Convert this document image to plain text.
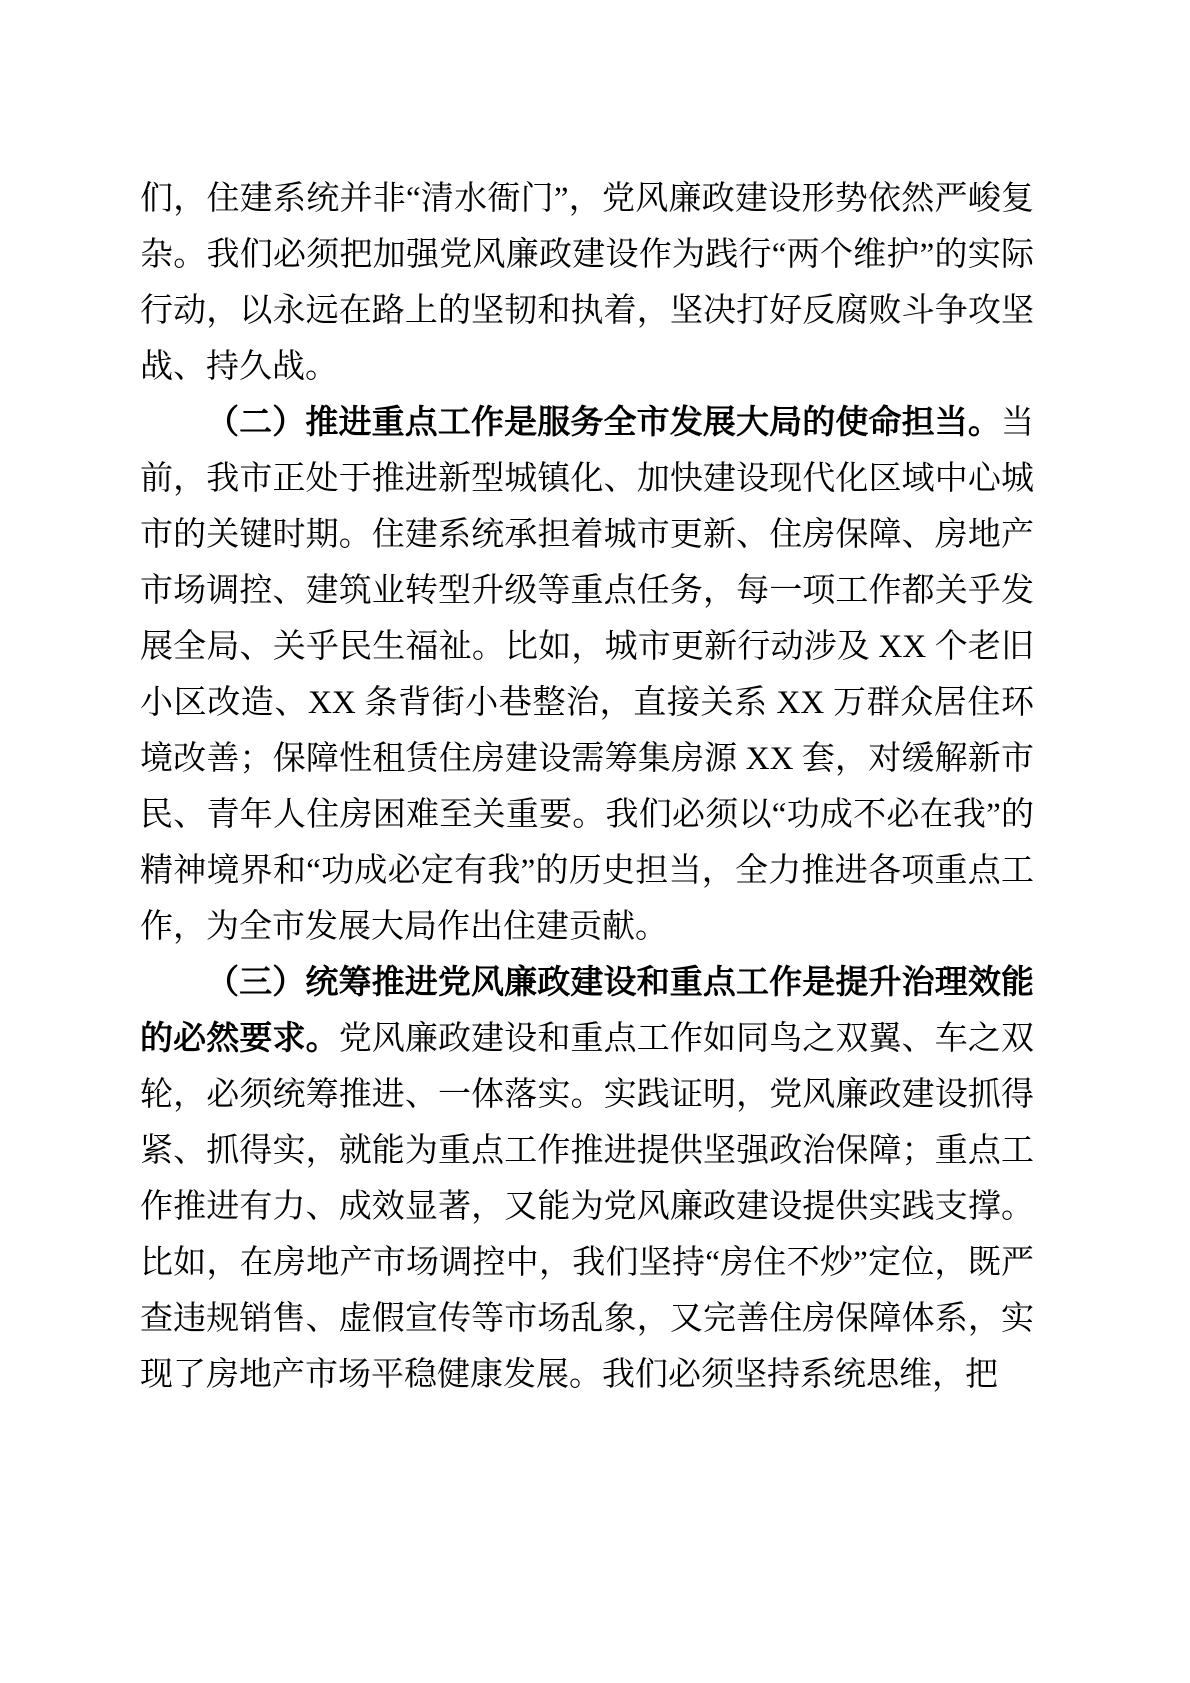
们，住建系统并非“清水衙门”，党风廉政建设形势依然严峻复杂。我们必须把加强党风廉政建设作为践行“两个维护”的实际行动，以永远在路上的坚韧和执着，坚决打好反腐败斗争攻坚战、持久战。

（二）推进重点工作是服务全市发展大局的使命担当。当前，我市正处于推进新型城镇化、加快建设现代化区域中心城市的关键时期。住建系统承担着城市更新、住房保障、房地产市场调控、建筑业转型升级等重点任务，每一项工作都关乎发展全局、关乎民生福祉。比如，城市更新行动涉及 XX 个老旧小区改造、XX 条背街小巷整治，直接关系 XX 万群众居住环境改善；保障性租赁住房建设需筹集房源 XX 套，对缓解新市民、青年人住房困难至关重要。我们必须以“功成不必在我”的精神境界和“功成必定有我”的历史担当，全力推进各项重点工作，为全市发展大局作出住建贡献。

（三）统筹推进党风廉政建设和重点工作是提升治理效能的必然要求。党风廉政建设和重点工作如同鸟之双翼、车之双轮，必须统筹推进、一体落实。实践证明，党风廉政建设抓得紧、抓得实，就能为重点工作推进提供坚强政治保障；重点工作推进有力、成效显著，又能为党风廉政建设提供实践支撑。比如，在房地产市场调控中，我们坚持“房住不炒”定位，既严查违规销售、虚假宣传等市场乱象，又完善住房保障体系，实现了房地产市场平稳健康发展。我们必须坚持系统思维，把
